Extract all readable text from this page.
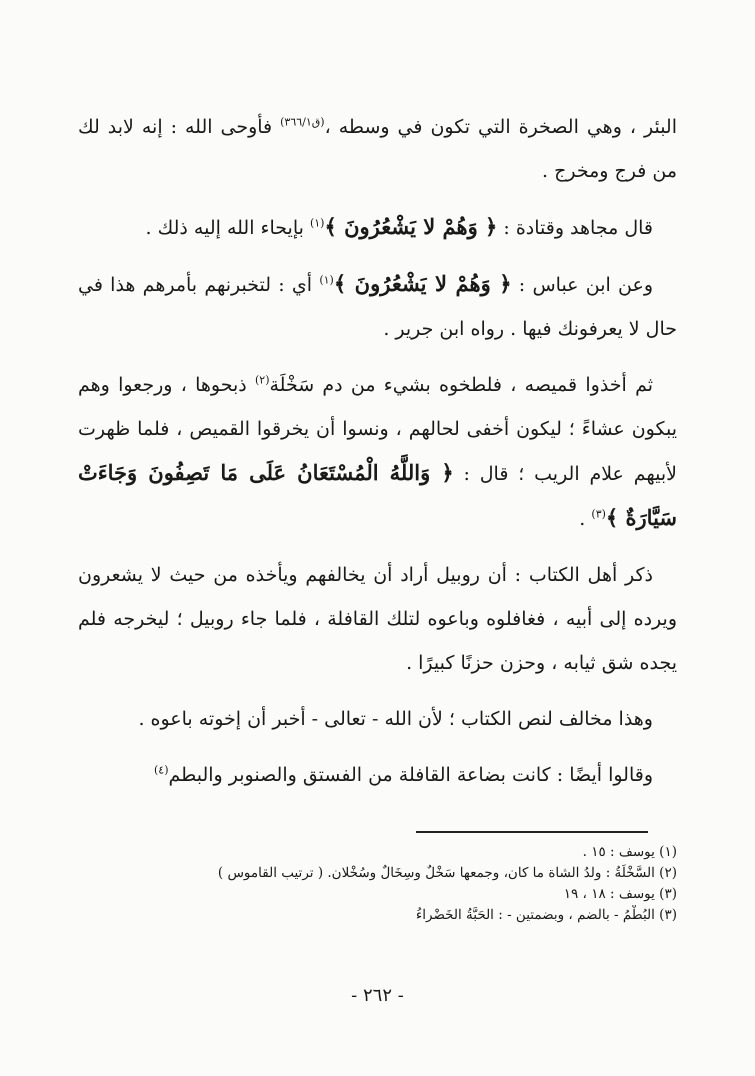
البئر ، وهي الصخرة التي تكون في وسطه ،$^{(ق٣٦٦/١)}$ فأوحى الله : إنه لابد لك من فرج ومخرج .

قال مجاهد وقتادة : ﴿ وَهُمْ لا يَشْعُرُونَ ﴾$^{(١)}$ بإيحاء الله إليه ذلك .

وعن ابن عباس : ﴿ وَهُمْ لا يَشْعُرُونَ ﴾$^{(١)}$ أي : لتخبرنهم بأمرهم هذا في حال لا يعرفونك فيها . رواه ابن جرير .

ثم أخذوا قميصه ، فلطخوه بشيء من دم سَخْلَة$^{(٢)}$ ذبحوها ، ورجعوا وهم يبكون عشاءً ؛ ليكون أخفى لحالهم ، ونسوا أن يخرقوا القميص ، فلما ظهرت لأبيهم علام الريب ؛ قال : ﴿ وَاللَّهُ الْمُسْتَعَانُ عَلَى مَا تَصِفُونَ وَجَاءَتْ سَيَّارَةٌ ﴾$^{(٣)}$ .

ذكر أهل الكتاب : أن روبيل أراد أن يخالفهم ويأخذه من حيث لا يشعرون ويرده إلى أبيه ، فغافلوه وباعوه لتلك القافلة ، فلما جاء روبيل ؛ ليخرجه فلم يجده شق ثيابه ، وحزن حزنًا كبيرًا .

وهذا مخالف لنص الكتاب ؛ لأن الله - تعالى - أخبر أن إخوته باعوه .

وقالوا أيضًا : كانت بضاعة القافلة من الفستق والصنوبر والبطم$^{(٤)}$

(١) يوسف : ١٥ .
(٢) السَّخْلَةُ : ولدُ الشاة ما كان، وجمعها سَخْلٌ وسِخَالٌ وسُخْلان. ( ترتيب القاموس )
(٣) يوسف : ١٨ ، ١٩
(٣) البُطْمُ - بالضم ، وبضمتين - : الحَبَّةُ الخَضْراءُ
- ٢٦٢ -
